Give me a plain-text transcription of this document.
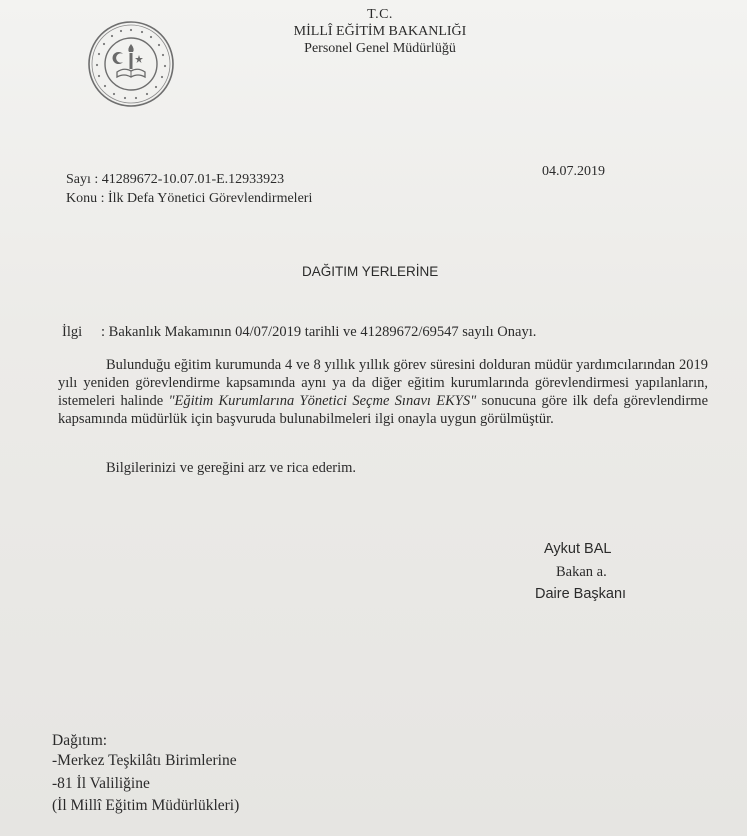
T.C.
MİLLÎ EĞİTİM BAKANLIĞI
Personel Genel Müdürlüğü
Sayı : 41289672-10.07.01-E.12933923
Konu : İlk Defa Yönetici Görevlendirmeleri
04.07.2019
DAĞITIM YERLERİNE
İlgi : Bakanlık Makamının 04/07/2019 tarihli ve 41289672/69547 sayılı Onayı.
Bulunduğu eğitim kurumunda 4 ve 8 yıllık yıllık görev süresini dolduran müdür yardımcılarından 2019 yılı yeniden görevlendirme kapsamında aynı ya da diğer eğitim kurumlarında görevlendirmesi yapılanların, istemeleri halinde "Eğitim Kurumlarına Yönetici Seçme Sınavı EKYS" sonucuna göre ilk defa görevlendirme kapsamında müdürlük için başvuruda bulunabilmeleri ilgi onayla uygun görülmüştür.
Bilgilerinizi ve gereğini arz ve rica ederim.
Aykut BAL
Bakan a.
Daire Başkanı
Dağıtım:
-Merkez Teşkilâtı Birimlerine
-81 İl Valiliğine
(İl Millî Eğitim Müdürlükleri)
